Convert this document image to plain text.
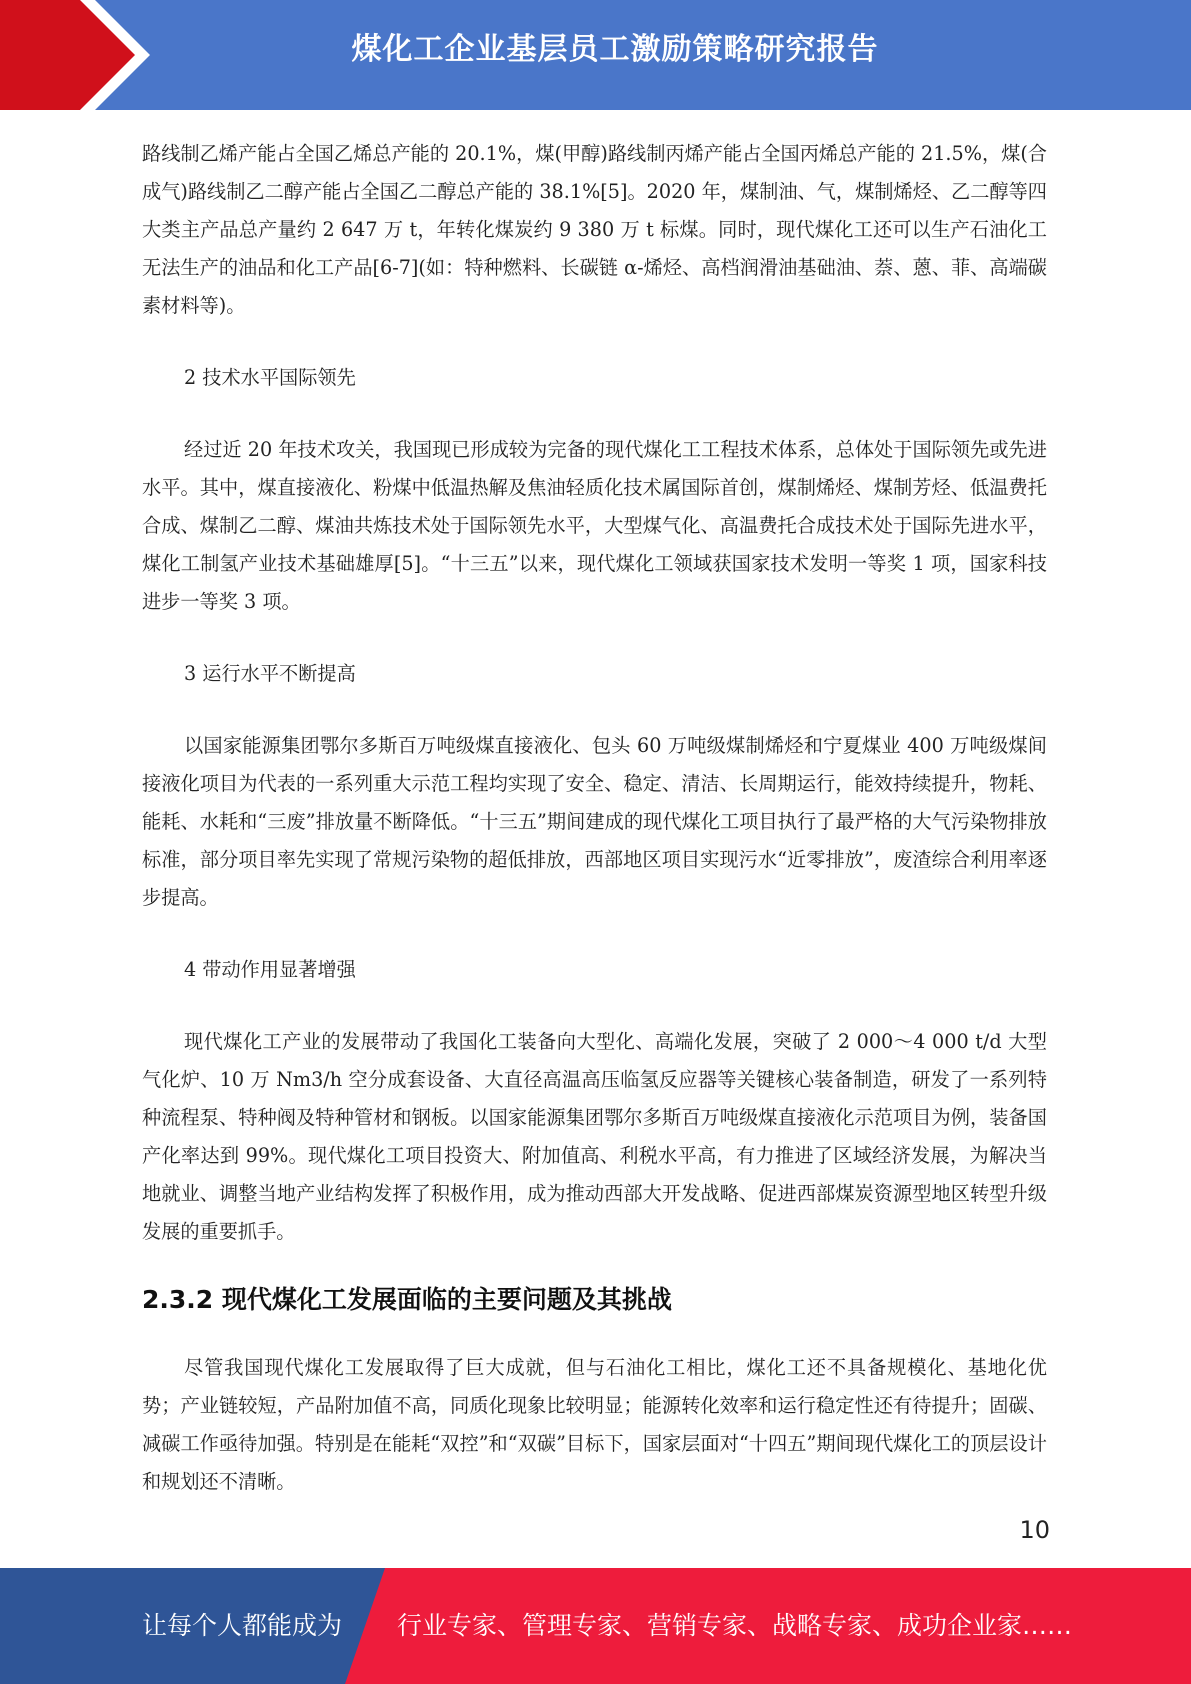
煤化工企业基层员工激励策略研究报告

路线制乙烯产能占全国乙烯总产能的 20.1%，煤(甲醇)路线制丙烯产能占全国丙烯总产能的 21.5%，煤(合成气)路线制乙二醇产能占全国乙二醇总产能的 38.1%[5]。2020 年，煤制油、气，煤制烯烃、乙二醇等四大类主产品总产量约 2 647 万 t，年转化煤炭约 9 380 万 t 标煤。同时，现代煤化工还可以生产石油化工无法生产的油品和化工产品[6-7](如：特种燃料、长碳链 α-烯烃、高档润滑油基础油、萘、蒽、菲、高端碳素材料等)。

2 技术水平国际领先

经过近 20 年技术攻关，我国现已形成较为完备的现代煤化工工程技术体系，总体处于国际领先或先进水平。其中，煤直接液化、粉煤中低温热解及焦油轻质化技术属国际首创，煤制烯烃、煤制芳烃、低温费托合成、煤制乙二醇、煤油共炼技术处于国际领先水平，大型煤气化、高温费托合成技术处于国际先进水平，煤化工制氢产业技术基础雄厚[5]。“十三五”以来，现代煤化工领域获国家技术发明一等奖 1 项，国家科技进步一等奖 3 项。

3 运行水平不断提高

以国家能源集团鄂尔多斯百万吨级煤直接液化、包头 60 万吨级煤制烯烃和宁夏煤业 400 万吨级煤间接液化项目为代表的一系列重大示范工程均实现了安全、稳定、清洁、长周期运行，能效持续提升，物耗、能耗、水耗和“三废”排放量不断降低。“十三五”期间建成的现代煤化工项目执行了最严格的大气污染物排放标准，部分项目率先实现了常规污染物的超低排放，西部地区项目实现污水“近零排放”，废渣综合利用率逐步提高。

4 带动作用显著增强

现代煤化工产业的发展带动了我国化工装备向大型化、高端化发展，突破了 2 000～4 000 t/d 大型气化炉、10 万 Nm3/h 空分成套设备、大直径高温高压临氢反应器等关键核心装备制造，研发了一系列特种流程泵、特种阀及特种管材和钢板。以国家能源集团鄂尔多斯百万吨级煤直接液化示范项目为例，装备国产化率达到 99%。现代煤化工项目投资大、附加值高、利税水平高，有力推进了区域经济发展，为解决当地就业、调整当地产业结构发挥了积极作用，成为推动西部大开发战略、促进西部煤炭资源型地区转型升级发展的重要抓手。

2.3.2 现代煤化工发展面临的主要问题及其挑战

尽管我国现代煤化工发展取得了巨大成就，但与石油化工相比，煤化工还不具备规模化、基地化优势；产业链较短，产品附加值不高，同质化现象比较明显；能源转化效率和运行稳定性还有待提升；固碳、减碳工作亟待加强。特别是在能耗“双控”和“双碳”目标下，国家层面对“十四五”期间现代煤化工的顶层设计和规划还不清晰。

10
让每个人都能成为 行业专家、管理专家、营销专家、战略专家、成功企业家……
